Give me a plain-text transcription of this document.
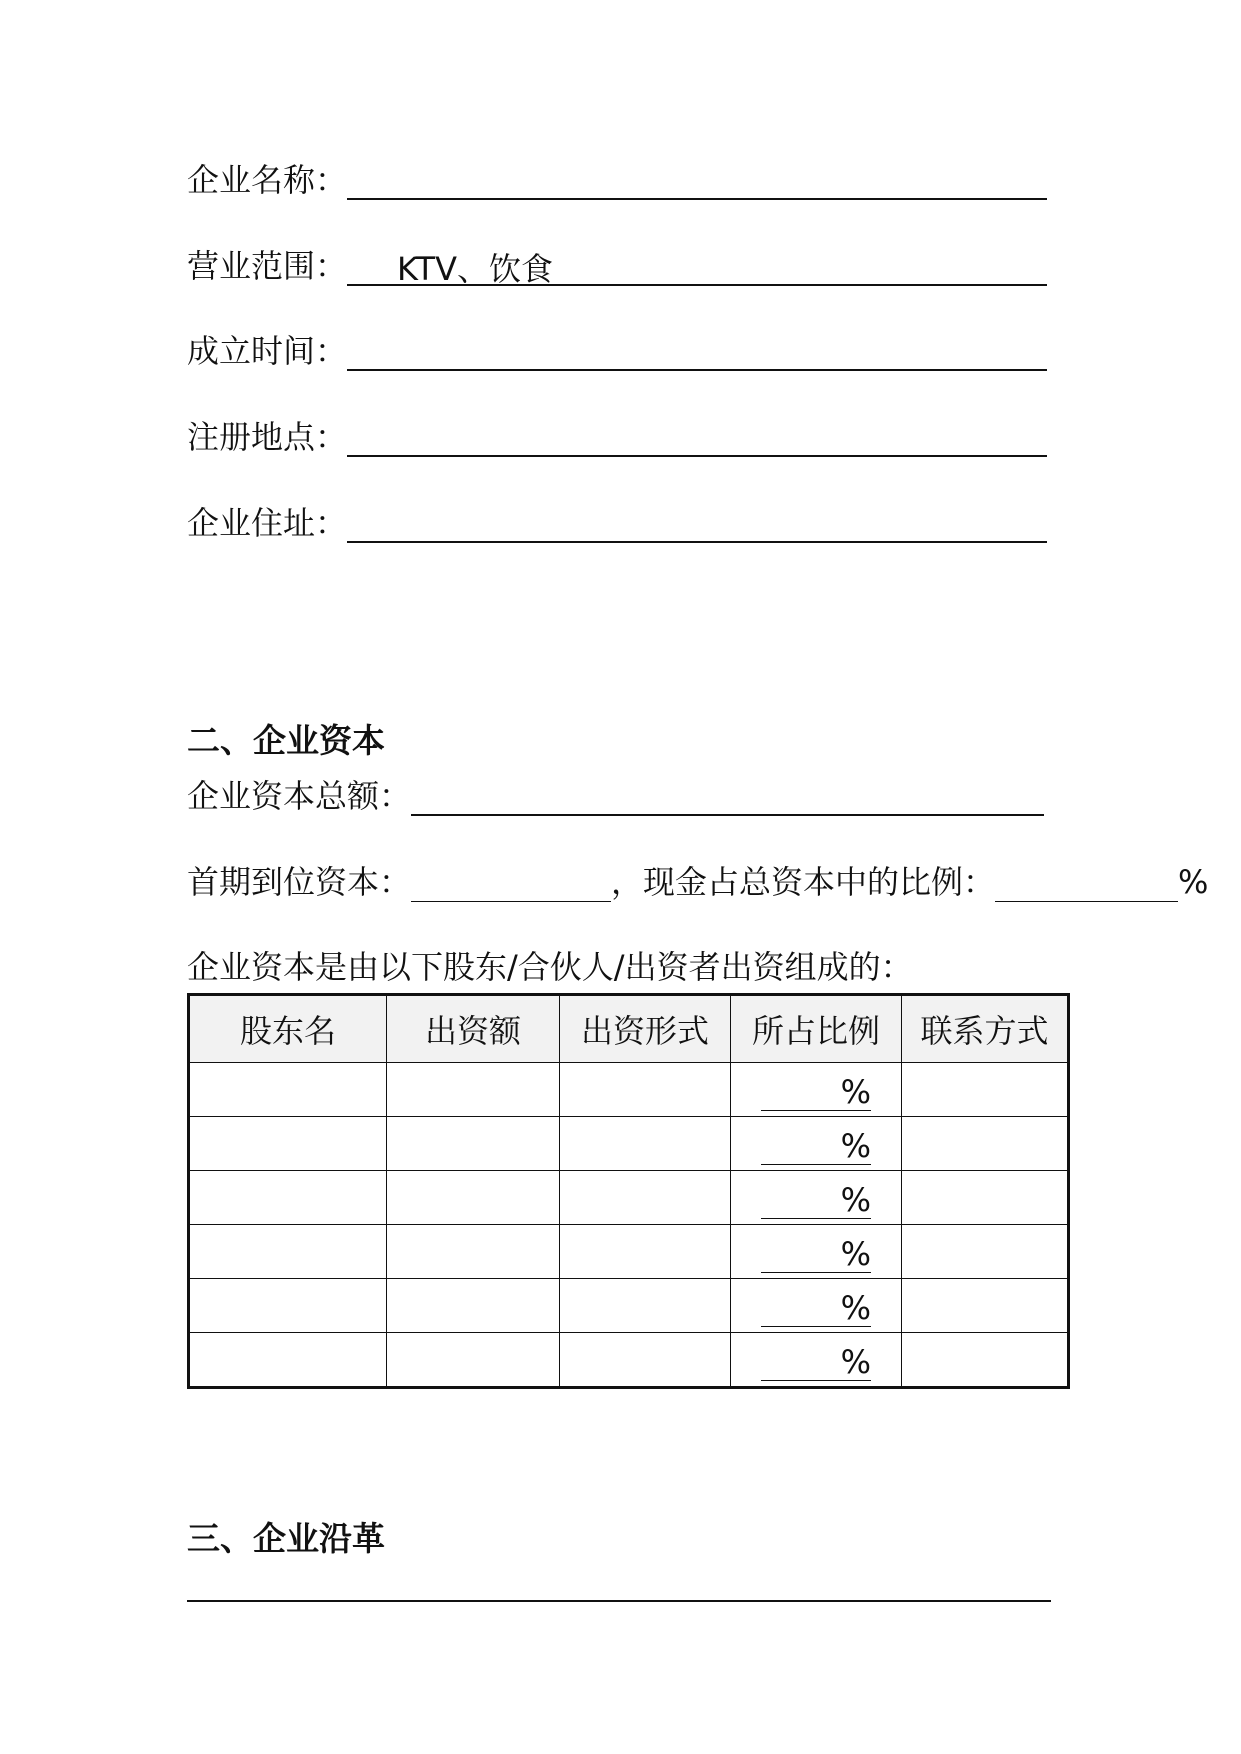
企业名称：
营业范围：	KTV、饮食
成立时间：
注册地点：
企业住址：
二、企业资本
企业资本总额：
首期到位资本：	，现金占总资本中的比例：	%
企业资本是由以下股东/合伙人/出资者出资组成的：
股东名	出资额	出资形式	所占比例	联系方式
			%	
			%	
			%	
			%	
			%	
			%	
三、企业沿革
